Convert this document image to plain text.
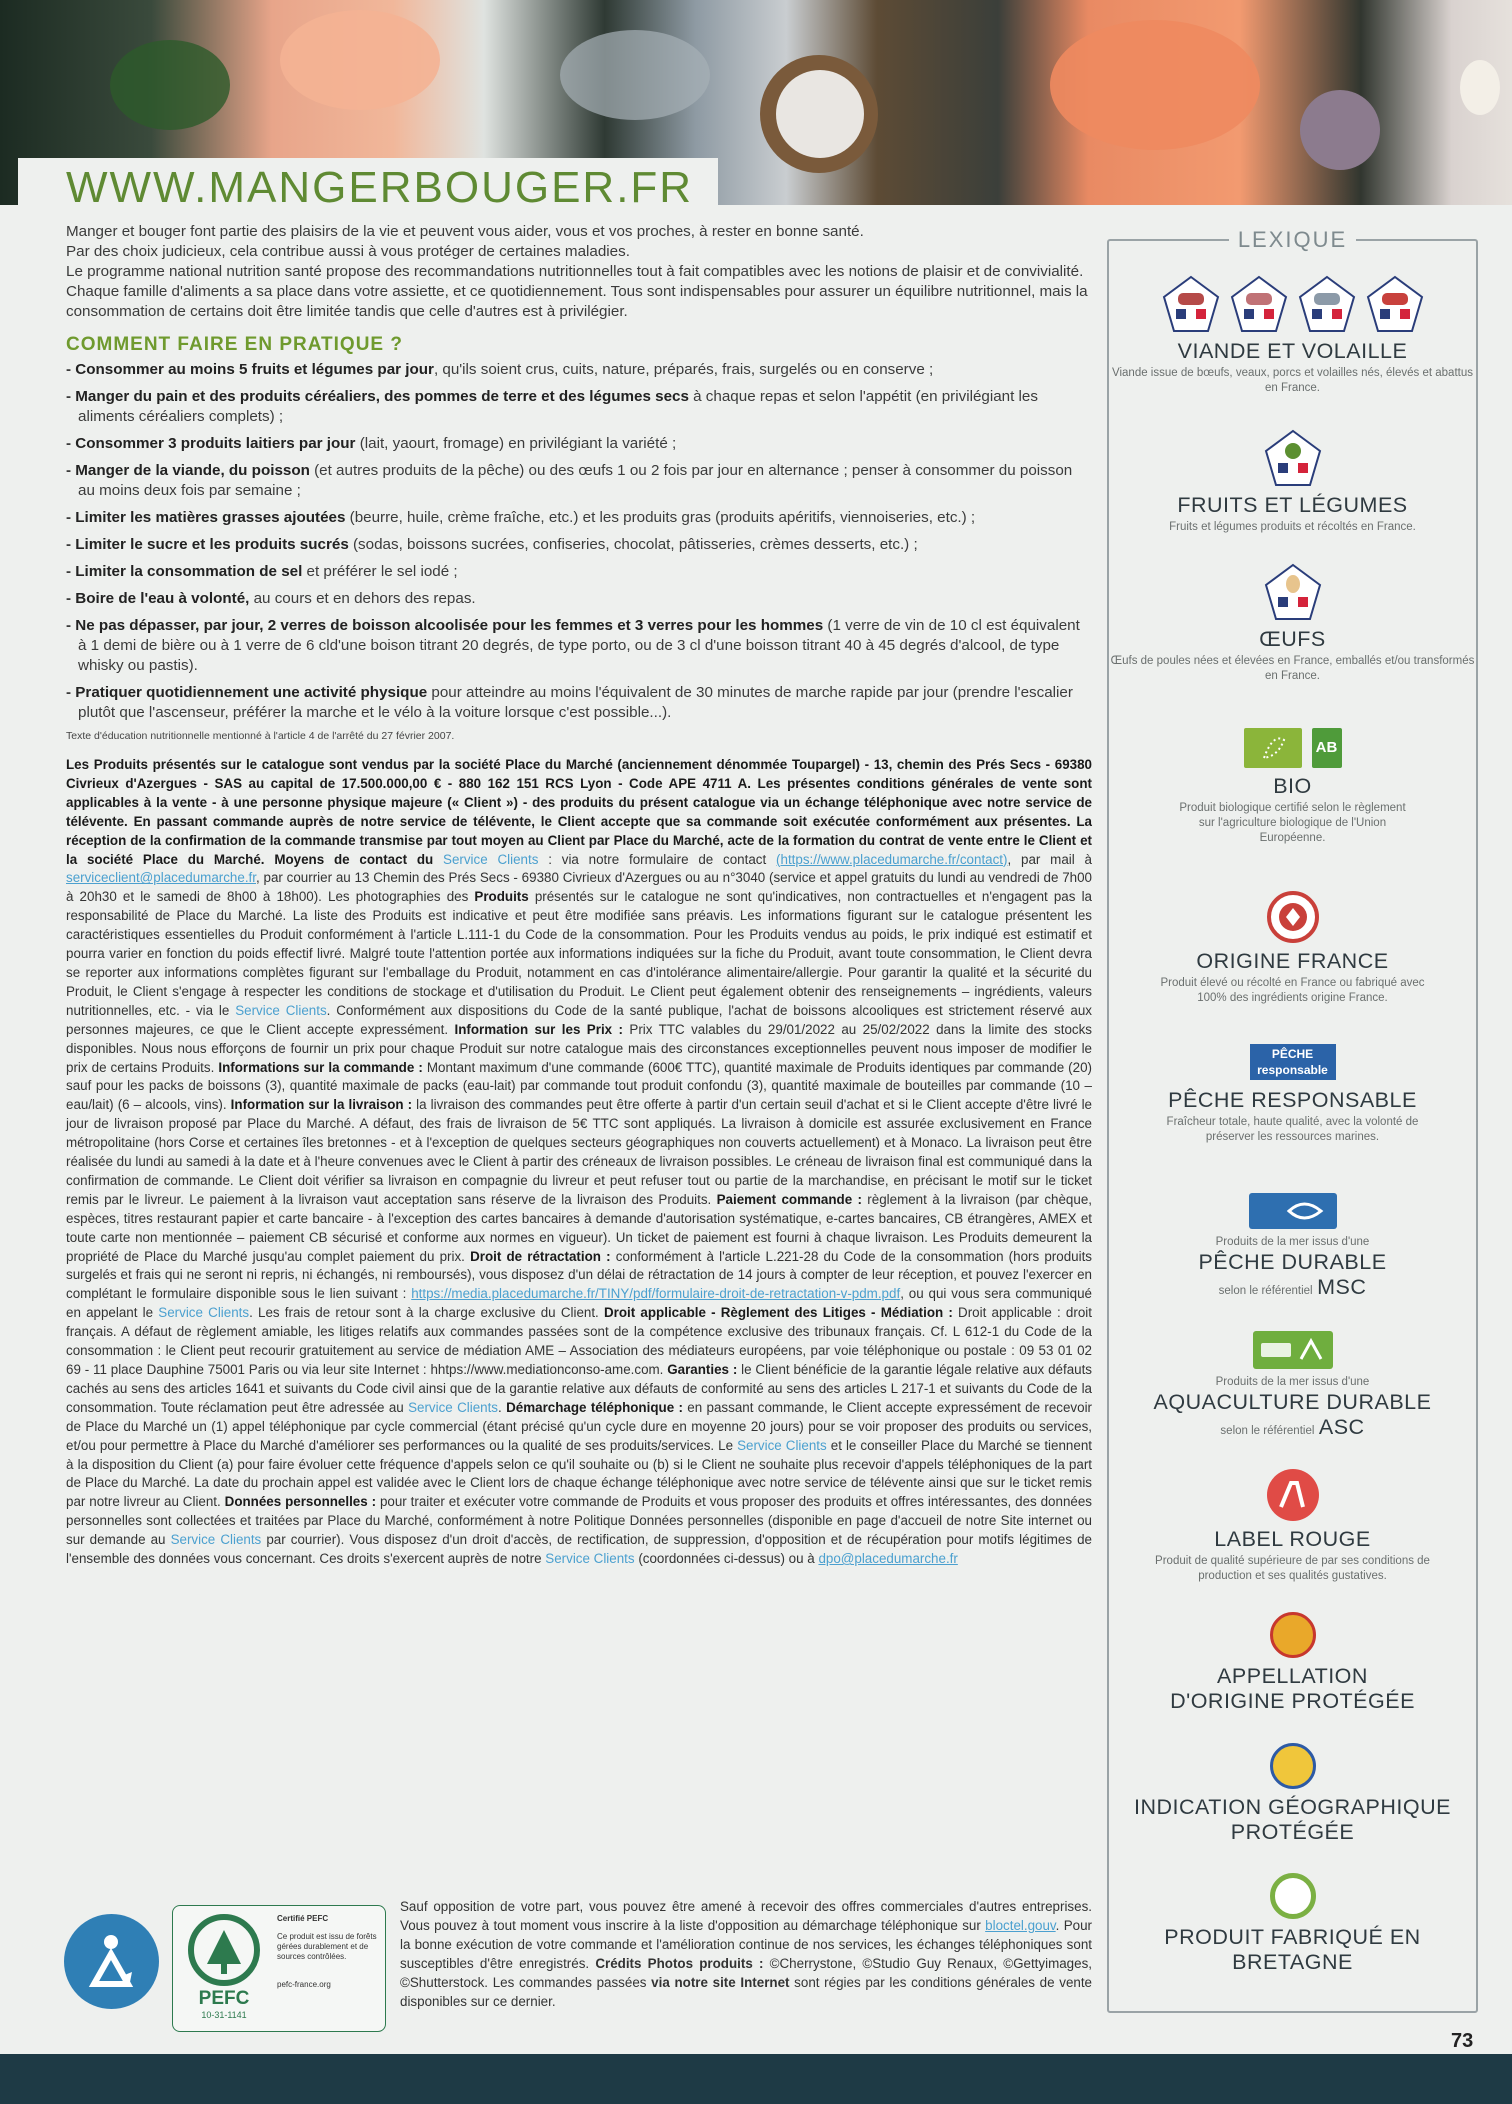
WWW.MANGERBOUGER.FR

Manger et bouger font partie des plaisirs de la vie et peuvent vous aider, vous et vos proches, à rester en bonne santé.

Par des choix judicieux, cela contribue aussi à vous protéger de certaines maladies.

Le programme national nutrition santé propose des recommandations nutritionnelles tout à fait compatibles avec les notions de plaisir et de convivialité.

Chaque famille d'aliments a sa place dans votre assiette, et ce quotidiennement. Tous sont indispensables pour assurer un équilibre nutritionnel, mais la consommation de certains doit être limitée tandis que celle d'autres est à privilégier.

COMMENT FAIRE EN PRATIQUE ?
- Consommer au moins 5 fruits et légumes par jour, qu'ils soient crus, cuits, nature, préparés, frais, surgelés ou en conserve ;
- Manger du pain et des produits céréaliers, des pommes de terre et des légumes secs à chaque repas et selon l'appétit (en privilégiant les aliments céréaliers complets) ;
- Consommer 3 produits laitiers par jour (lait, yaourt, fromage) en privilégiant la variété ;
- Manger de la viande, du poisson (et autres produits de la pêche) ou des œufs 1 ou 2 fois par jour en alternance ; penser à consommer du poisson au moins deux fois par semaine ;
- Limiter les matières grasses ajoutées (beurre, huile, crème fraîche, etc.) et les produits gras (produits apéritifs, viennoiseries, etc.) ;
- Limiter le sucre et les produits sucrés (sodas, boissons sucrées, confiseries, chocolat, pâtisseries, crèmes desserts, etc.) ;
- Limiter la consommation de sel et préférer le sel iodé ;
- Boire de l'eau à volonté, au cours et en dehors des repas.
- Ne pas dépasser, par jour, 2 verres de boisson alcoolisée pour les femmes et 3 verres pour les hommes (1 verre de vin de 10 cl est équivalent à 1 demi de bière ou à 1 verre de 6 cld'une boison titrant 20 degrés, de type porto, ou de 3 cl d'une boisson titrant 40 à 45 degrés d'alcool, de type whisky ou pastis).
- Pratiquer quotidiennement une activité physique pour atteindre au moins l'équivalent de 30 minutes de marche rapide par jour (prendre l'escalier plutôt que l'ascenseur, préférer la marche et le vélo à la voiture lorsque c'est possible...).
Texte d'éducation nutritionnelle mentionné à l'article 4 de l'arrêté du 27 février 2007.

Les Produits présentés sur le catalogue sont vendus par la société Place du Marché (anciennement dénommée Toupargel) - 13, chemin des Prés Secs - 69380 Civrieux d'Azergues - SAS au capital de 17.500.000,00 € - 880 162 151 RCS Lyon - Code APE 4711 A. Les présentes conditions générales de vente sont applicables à la vente - à une personne physique majeure (« Client ») - des produits du présent catalogue via un échange téléphonique avec notre service de télévente. En passant commande auprès de notre service de télévente, le Client accepte que sa commande soit exécutée conformément aux présentes. La réception de la confirmation de la commande transmise par tout moyen au Client par Place du Marché, acte de la formation du contrat de vente entre le Client et la société Place du Marché. Moyens de contact du Service Clients : via notre formulaire de contact (https://www.placedumarche.fr/contact), par mail à serviceclient@placedumarche.fr, par courrier au 13 Chemin des Prés Secs - 69380 Civrieux d'Azergues ou au n°3040 (service et appel gratuits du lundi au vendredi de 7h00 à 20h30 et le samedi de 8h00 à 18h00). Les photographies des Produits présentés sur le catalogue ne sont qu'indicatives, non contractuelles et n'engagent pas la responsabilité de Place du Marché. La liste des Produits est indicative et peut être modifiée sans préavis. Les informations figurant sur le catalogue présentent les caractéristiques essentielles du Produit conformément à l'article L.111-1 du Code de la consommation. Pour les Produits vendus au poids, le prix indiqué est estimatif et pourra varier en fonction du poids effectif livré. Malgré toute l'attention portée aux informations indiquées sur la fiche du Produit, avant toute consommation, le Client devra se reporter aux informations complètes figurant sur l'emballage du Produit, notamment en cas d'intolérance alimentaire/allergie. Pour garantir la qualité et la sécurité du Produit, le Client s'engage à respecter les conditions de stockage et d'utilisation du Produit. Le Client peut également obtenir des renseignements – ingrédients, valeurs nutritionnelles, etc. - via le Service Clients. Conformément aux dispositions du Code de la santé publique, l'achat de boissons alcooliques est strictement réservé aux personnes majeures, ce que le Client accepte expressément. Information sur les Prix : Prix TTC valables du 29/01/2022 au 25/02/2022 dans la limite des stocks disponibles. Nous nous efforçons de fournir un prix pour chaque Produit sur notre catalogue mais des circonstances exceptionnelles peuvent nous imposer de modifier le prix de certains Produits. Informations sur la commande : Montant maximum d'une commande (600€ TTC), quantité maximale de Produits identiques par commande (20) sauf pour les packs de boissons (3), quantité maximale de packs (eau-lait) par commande tout produit confondu (3), quantité maximale de bouteilles par commande (10 – eau/lait) (6 – alcools, vins). Information sur la livraison : la livraison des commandes peut être offerte à partir d'un certain seuil d'achat et si le Client accepte d'être livré le jour de livraison proposé par Place du Marché. A défaut, des frais de livraison de 5€ TTC sont appliqués. La livraison à domicile est assurée exclusivement en France métropolitaine (hors Corse et certaines îles bretonnes - et à l'exception de quelques secteurs géographiques non couverts actuellement) et à Monaco. La livraison peut être réalisée du lundi au samedi à la date et à l'heure convenues avec le Client à partir des créneaux de livraison possibles. Le créneau de livraison final est communiqué dans la confirmation de commande. Le Client doit vérifier sa livraison en compagnie du livreur et peut refuser tout ou partie de la marchandise, en précisant le motif sur le ticket remis par le livreur. Le paiement à la livraison vaut acceptation sans réserve de la livraison des Produits. Paiement commande : règlement à la livraison (par chèque, espèces, titres restaurant papier et carte bancaire - à l'exception des cartes bancaires à demande d'autorisation systématique, e-cartes bancaires, CB étrangères, AMEX et toute carte non mentionnée – paiement CB sécurisé et conforme aux normes en vigueur). Un ticket de paiement est fourni à chaque livraison. Les Produits demeurent la propriété de Place du Marché jusqu'au complet paiement du prix. Droit de rétractation : conformément à l'article L.221-28 du Code de la consommation (hors produits surgelés et frais qui ne seront ni repris, ni échangés, ni remboursés), vous disposez d'un délai de rétractation de 14 jours à compter de leur réception, et pouvez l'exercer en complétant le formulaire disponible sous le lien suivant : https://media.placedumarche.fr/TINY/pdf/formulaire-droit-de-retractation-v-pdm.pdf, ou qui vous sera communiqué en appelant le Service Clients. Les frais de retour sont à la charge exclusive du Client. Droit applicable - Règlement des Litiges - Médiation : Droit applicable : droit français. A défaut de règlement amiable, les litiges relatifs aux commandes passées sont de la compétence exclusive des tribunaux français. Cf. L 612-1 du Code de la consommation : le Client peut recourir gratuitement au service de médiation AME – Association des médiateurs européens, par voie téléphonique ou postale : 09 53 01 02 69 - 11 place Dauphine 75001 Paris ou via leur site Internet : hhtps://www.mediationconso-ame.com. Garanties : le Client bénéficie de la garantie légale relative aux défauts cachés au sens des articles 1641 et suivants du Code civil ainsi que de la garantie relative aux défauts de conformité au sens des articles L 217-1 et suivants du Code de la consommation. Toute réclamation peut être adressée au Service Clients. Démarchage téléphonique : en passant commande, le Client accepte expressément de recevoir de Place du Marché un (1) appel téléphonique par cycle commercial (étant précisé qu'un cycle dure en moyenne 20 jours) pour se voir proposer des produits ou services, et/ou pour permettre à Place du Marché d'améliorer ses performances ou la qualité de ses produits/services. Le Service Clients et le conseiller Place du Marché se tiennent à la disposition du Client (a) pour faire évoluer cette fréquence d'appels selon ce qu'il souhaite ou (b) si le Client ne souhaite plus recevoir d'appels téléphoniques de la part de Place du Marché. La date du prochain appel est validée avec le Client lors de chaque échange téléphonique avec notre service de télévente ainsi que sur le ticket remis par notre livreur au Client. Données personnelles : pour traiter et exécuter votre commande de Produits et vous proposer des produits et offres intéressantes, des données personnelles sont collectées et traitées par Place du Marché, conformément à notre Politique Données personnelles (disponible en page d'accueil de notre Site internet ou sur demande au Service Clients par courrier). Vous disposez d'un droit d'accès, de rectification, de suppression, d'opposition et de récupération pour motifs légitimes de l'ensemble des données vous concernant. Ces droits s'exercent auprès de notre Service Clients (coordonnées ci-dessus) ou à dpo@placedumarche.fr

Sauf opposition de votre part, vous pouvez être amené à recevoir des offres commerciales d'autres entreprises. Vous pouvez à tout moment vous inscrire à la liste d'opposition au démarchage téléphonique sur bloctel.gouv. Pour la bonne exécution de votre commande et l'amélioration continue de nos services, les échanges téléphoniques sont susceptibles d'être enregistrés. Crédits Photos produits : ©Cherrystone, ©Studio Guy Renaux, ©Gettyimages, ©Shutterstock. Les commandes passées via notre site Internet sont régies par les conditions générales de vente disponibles sur ce dernier.
PEFC
10-31-1141
Certifié PEFC
Ce produit est issu de forêts gérées durablement et de sources contrôlées.
pefc-france.org
LEXIQUE
VIANDE ET VOLAILLE
Viande issue de bœufs, veaux, porcs et volailles nés, élevés et abattus en France.
FRUITS ET LÉGUMES
Fruits et légumes produits et récoltés en France.
ŒUFS
Œufs de poules nées et élevées en France, emballés et/ou transformés en France.
AB
BIO
Produit biologique certifié selon le règlement sur l'agriculture biologique de l'Union Européenne.
ORIGINE FRANCE
Produit élevé ou récolté en France ou fabriqué avec 100% des ingrédients origine France.
PÊCHE responsable
PÊCHE RESPONSABLE
Fraîcheur totale, haute qualité, avec la volonté de préserver les ressources marines.
Produits de la mer issus d'une
PÊCHE DURABLE
selon le référentiel MSC
Produits de la mer issus d'une
AQUACULTURE DURABLE
selon le référentiel ASC
LABEL ROUGE
Produit de qualité supérieure de par ses conditions de production et ses qualités gustatives.
APPELLATION D'ORIGINE PROTÉGÉE
INDICATION GÉOGRAPHIQUE PROTÉGÉE
PRODUIT FABRIQUÉ EN BRETAGNE
73
